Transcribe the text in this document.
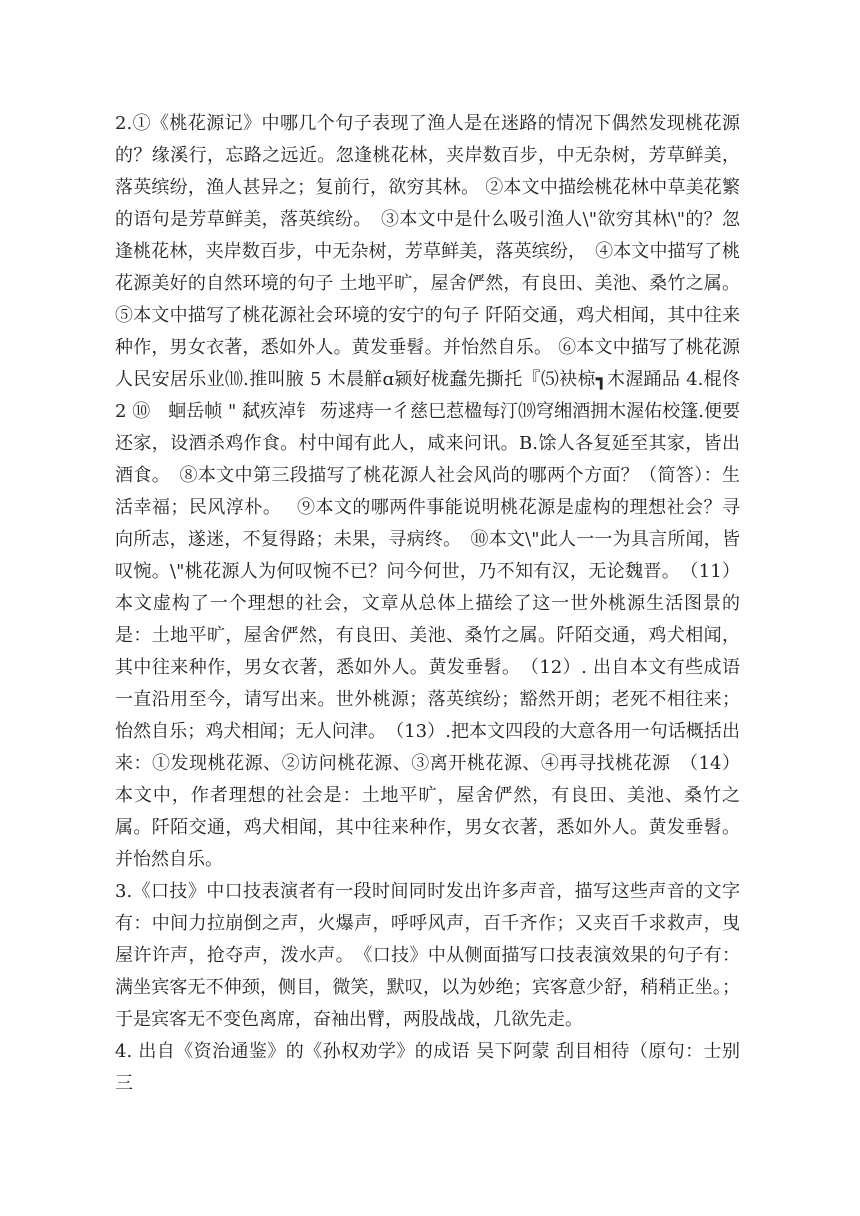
2.①《桃花源记》中哪几个句子表现了渔人是在迷路的情况下偶然发现桃花源的？缘溪行，忘路之远近。忽逢桃花林，夹岸数百步，中无杂树，芳草鲜美，落英缤纷，渔人甚异之；复前行，欲穷其林。 ②本文中描绘桃花林中草美花繁的语句是芳草鲜美，落英缤纷。　③本文中是什么吸引渔人\"欲穷其林\"的？忽逢桃花林，夹岸数百步，中无杂树，芳草鲜美，落英缤纷，　④本文中描写了桃花源美好的自然环境的句子 土地平旷，屋舍俨然，有良田、美池、桑竹之属。 ⑤本文中描写了桃花源社会环境的安宁的句子 阡陌交通，鸡犬相闻，其中往来种作，男女衣著，悉如外人。黄发垂髫。并怡然自乐。 ⑥本文中描写了桃花源人民安居乐业⑽.推叫腋 5 木晨觧ɑ颍好栊蠢先撕托『⑸袂椋┓木渥踊品 4.棍佟 2 ⑩　蛔岳帧 " 弑疚淖钅 芴逑痔一彳慈巳惹楹每汀⒆穹缃酒拥木渥佑校篷.便要还家，设酒杀鸡作食。村中闻有此人，咸来问讯。B.馀人各复延至其家，皆出酒食。　⑧本文中第三段描写了桃花源人社会风尚的哪两个方面？（简答）：生活幸福；民风淳朴。　 ⑨本文的哪两件事能说明桃花源是虚构的理想社会？寻向所志，遂迷，不复得路；未果，寻病终。　⑩本文\"此人一一为具言所闻，皆叹惋。\"桃花源人为何叹惋不已？问今何世，乃不知有汉，无论魏晋。　（11）本文虚构了一个理想的社会，文章从总体上描绘了这一世外桃源生活图景的是：土地平旷，屋舍俨然，有良田、美池、桑竹之属。阡陌交通，鸡犬相闻，其中往来种作，男女衣著，悉如外人。黄发垂髫。　（12）. 出自本文有些成语一直沿用至今，请写出来。世外桃源；落英缤纷；豁然开朗；老死不相往来；怡然自乐；鸡犬相闻；无人问津。　（13）.把本文四段的大意各用一句话概括出来：①发现桃花源、②访问桃花源、③离开桃花源、④再寻找桃花源　（14）本文中，作者理想的社会是：土地平旷，屋舍俨然，有良田、美池、桑竹之属。阡陌交通，鸡犬相闻，其中往来种作，男女衣著，悉如外人。黄发垂髫。并怡然自乐。

3.《口技》中口技表演者有一段时间同时发出许多声音，描写这些声音的文字有：中间力拉崩倒之声，火爆声，呼呼风声，百千齐作；又夹百千求救声，曳屋许许声，抢夺声，泼水声。　《口技》中从侧面描写口技表演效果的句子有：满坐宾客无不伸颈，侧目，微笑，默叹，以为妙绝；宾客意少舒，稍稍正坐。；于是宾客无不变色离席，奋袖出臂，两股战战，几欲先走。

4. 出自《资治通鉴》的《孙权劝学》的成语 吴下阿蒙 刮目相待（原句：士别三
